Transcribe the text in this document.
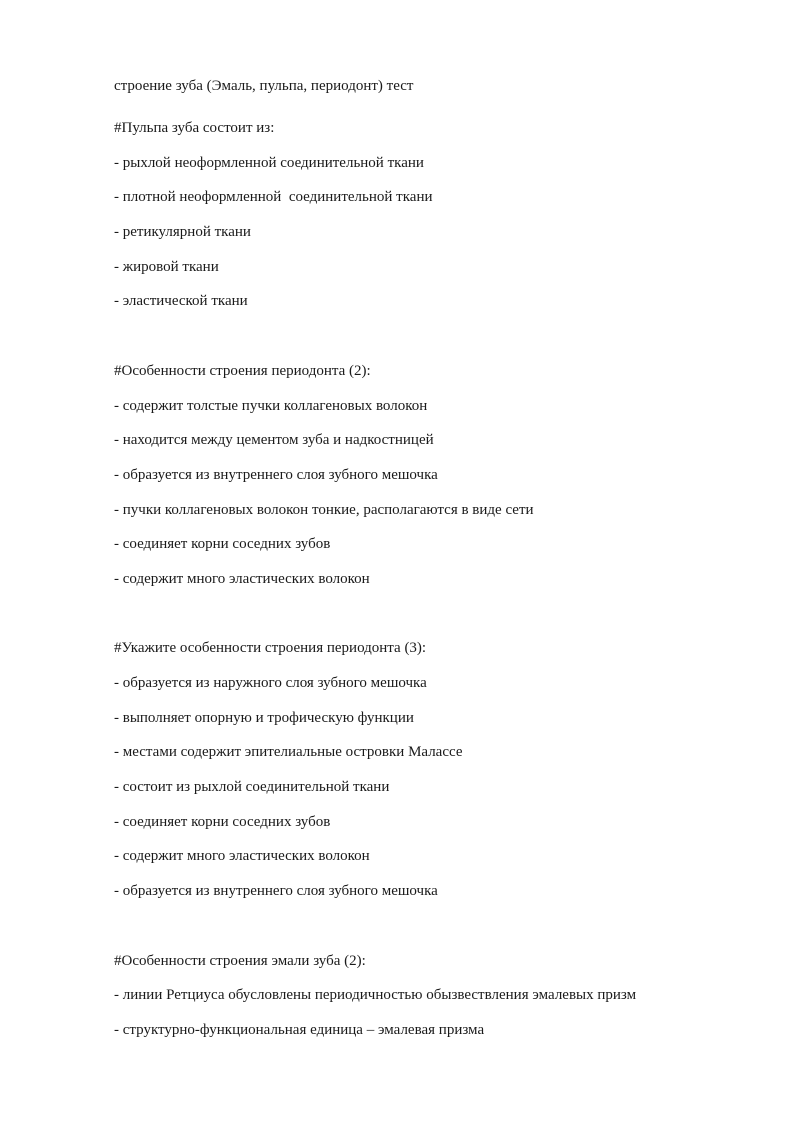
строение зуба (Эмаль, пульпа, периодонт) тест
#Пульпа зуба состоит из:
- рыхлой неоформленной соединительной ткани
- плотной неоформленной  соединительной ткани
- ретикулярной ткани
- жировой ткани
- эластической ткани
#Особенности строения периодонта (2):
- содержит толстые пучки коллагеновых волокон
- находится между цементом зуба и надкостницей
- образуется из внутреннего слоя зубного мешочка
- пучки коллагеновых волокон тонкие, располагаются в виде сети
- соединяет корни соседних зубов
- содержит много эластических волокон
#Укажите особенности строения периодонта (3):
- образуется из наружного слоя зубного мешочка
- выполняет опорную и трофическую функции
- местами содержит эпителиальные островки Малассе
- состоит из рыхлой соединительной ткани
- соединяет корни соседних зубов
- содержит много эластических волокон
- образуется из внутреннего слоя зубного мешочка
#Особенности строения эмали зуба (2):
- линии Ретциуса обусловлены периодичностью обызвествления эмалевых призм
- структурно-функциональная единица – эмалевая призма
